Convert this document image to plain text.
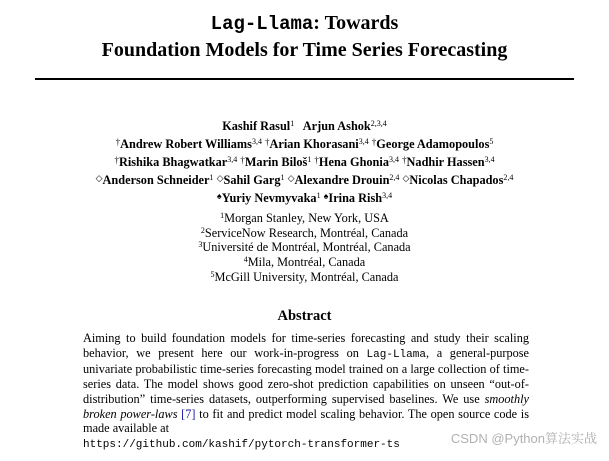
Lag-Llama: Towards
Foundation Models for Time Series Forecasting
Kashif Rasul$^1$ Arjun Ashok$^{2,3,4}$
†Andrew Robert Williams$^{3,4}$ †Arian Khorasani$^{3,4}$ †George Adamopoulos$^5$
†Rishika Bhagwatkar$^{3,4}$ †Marin Biloš$^1$ †Hena Ghonia$^{3,4}$ †Nadhir Hassen$^{3,4}$
◇Anderson Schneider$^1$ ◇Sahil Garg$^1$ ◇Alexandre Drouin$^{2,4}$ ◇Nicolas Chapados$^{2,4}$
♠Yuriy Nevmyvaka$^1$ ♠Irina Rish$^{3,4}$
$^1$Morgan Stanley, New York, USA
$^2$ServiceNow Research, Montréal, Canada
$^3$Université de Montréal, Montréal, Canada
$^4$Mila, Montréal, Canada
$^5$McGill University, Montréal, Canada
Abstract
Aiming to build foundation models for time-series forecasting and study their scaling behavior, we present here our work-in-progress on Lag-Llama, a general-purpose univariate probabilistic time-series forecasting model trained on a large collection of time-series data. The model shows good zero-shot prediction capabilities on unseen “out-of-distribution” time-series datasets, outperforming supervised baselines. We use smoothly broken power-laws [7] to fit and predict model scaling behavior. The open source code is made available at
https://github.com/kashif/pytorch-transformer-ts	CSDN @Python算法实战
